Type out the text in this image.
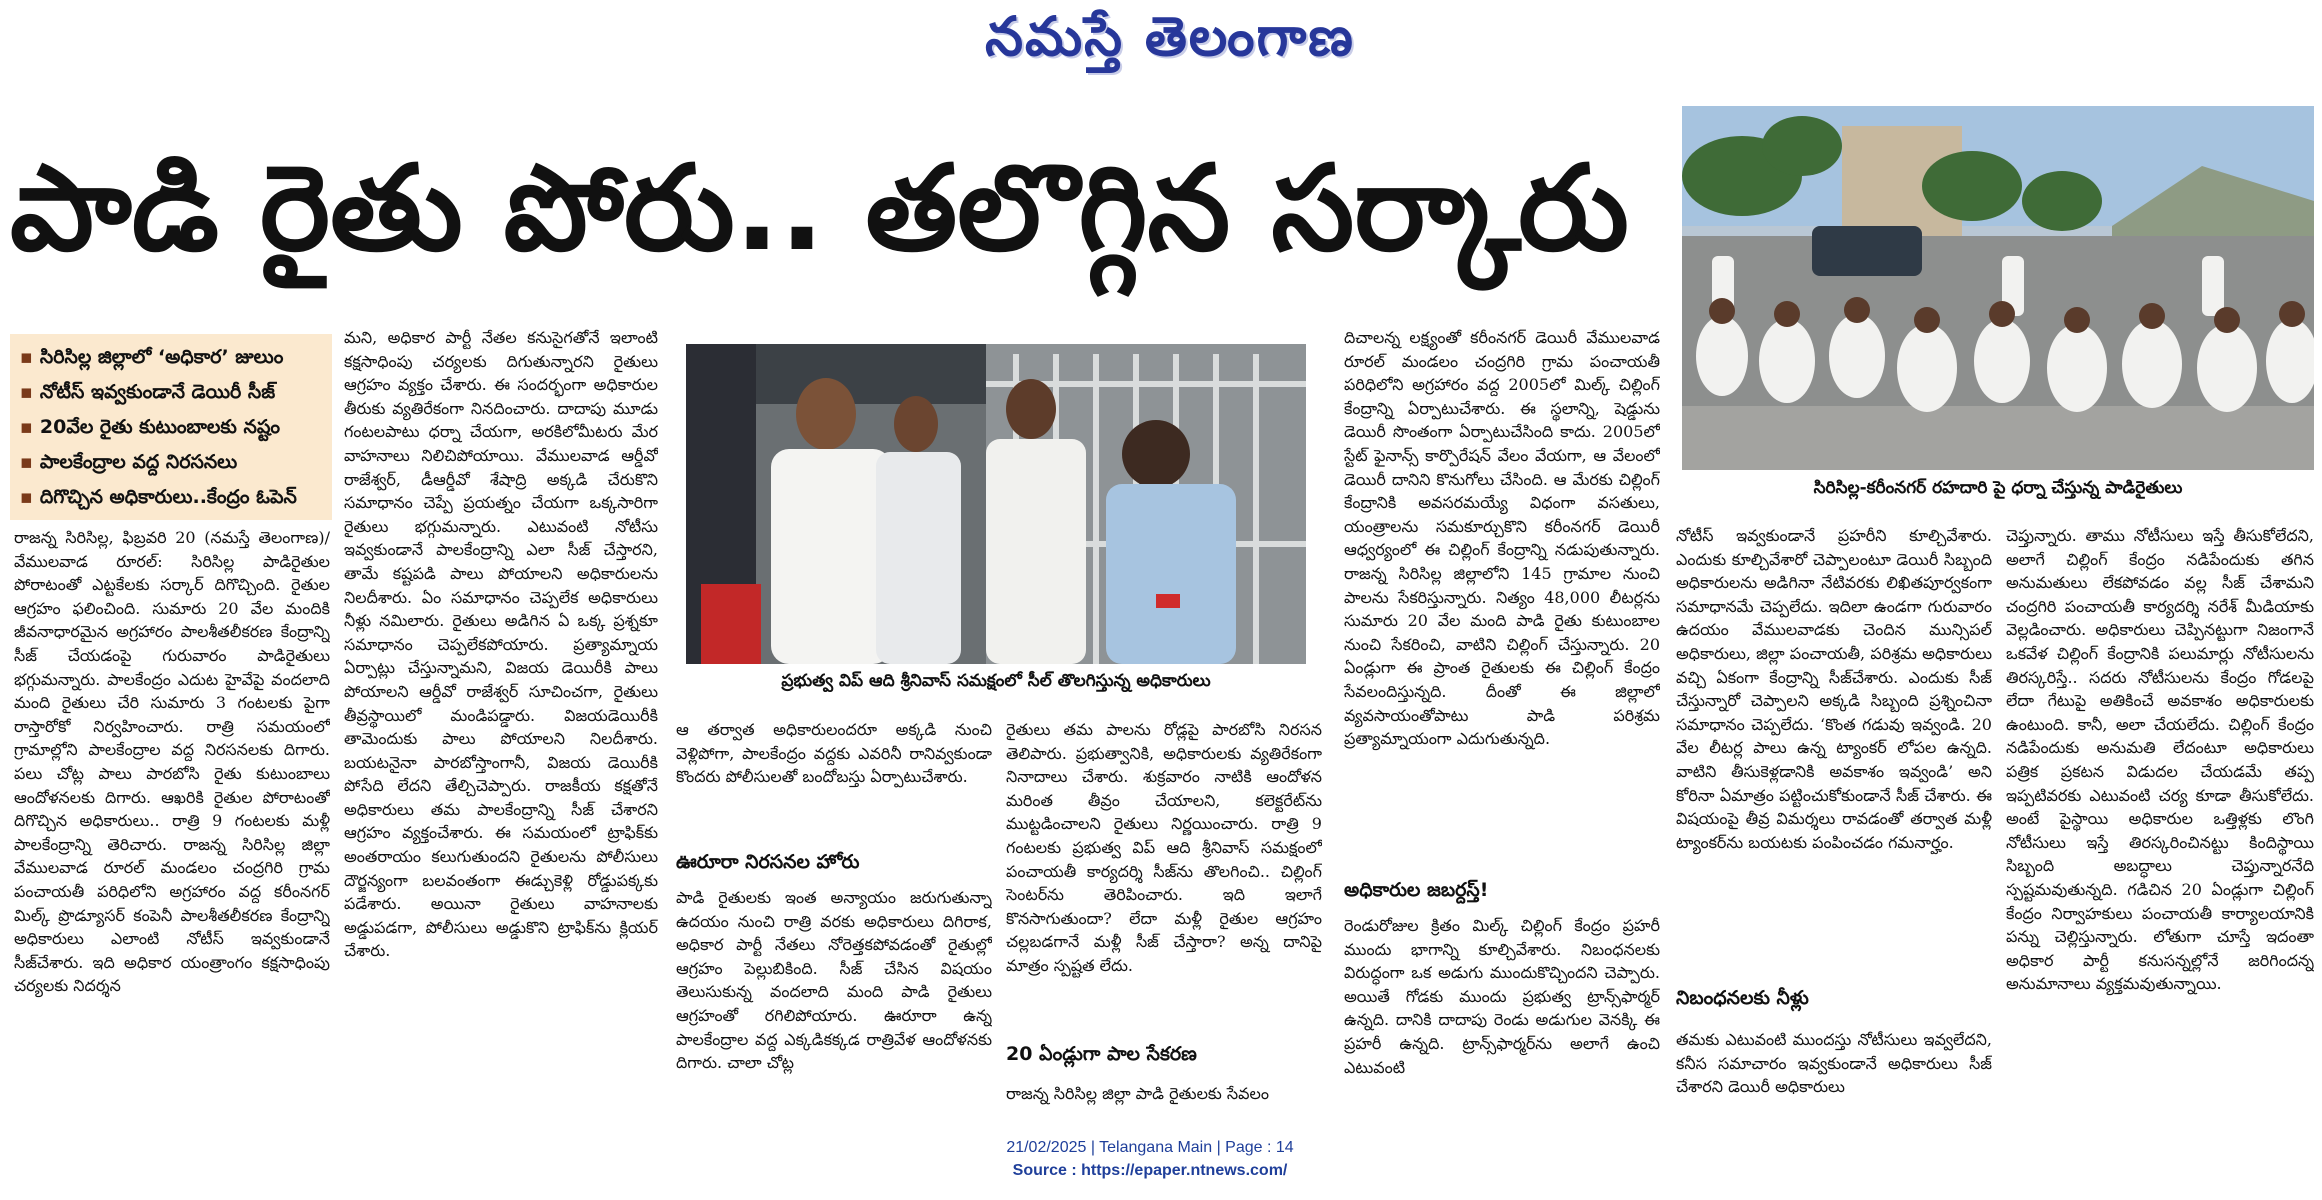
నమస్తే తెలంగాణ
పాడి రైతు పోరు.. తలొగ్గిన సర్కారు
▪ సిరిసిల్ల జిల్లాలో ‘అధికార’ జులుం
▪ నోటీస్ ఇవ్వకుండానే డెయిరీ సీజ్
▪ 20వేల రైతు కుటుంబాలకు నష్టం
▪ పాలకేంద్రాల వద్ద నిరసనలు
▪ దిగొచ్చిన అధికారులు..కేంద్రం ఓపెన్

రాజన్న సిరిసిల్ల, ఫిబ్రవరి 20 (నమస్తే తెలంగాణ)/వేములవాడ రూరల్: సిరిసిల్ల పాడిరైతుల పోరాటంతో ఎట్టకేలకు సర్కార్ దిగొచ్చింది. రైతుల ఆగ్రహం ఫలించింది. సుమారు 20 వేల మందికి జీవనాధారమైన అగ్రహారం పాలశీతలీకరణ కేంద్రాన్ని సీజ్ చేయడంపై గురువారం పాడిరైతులు భగ్గుమన్నారు. పాలకేంద్రం ఎదుట హైవేపై వందలాది మంది రైతులు చేరి సుమారు 3 గంటలకు పైగా రాస్తారోకో నిర్వహించారు. రాత్రి సమయంలో గ్రామాల్లోని పాలకేంద్రాల వద్ద నిరసనలకు దిగారు. పలు చోట్ల పాలు పారబోసి రైతు కుటుంబాలు ఆందోళనలకు దిగారు. ఆఖరికి రైతుల పోరాటంతో దిగొచ్చిన అధికారులు.. రాత్రి 9 గంటలకు మళ్లీ పాలకేంద్రాన్ని తెరిచారు. రాజన్న సిరిసిల్ల జిల్లా వేములవాడ రూరల్ మండలం చంద్రగిరి గ్రామ పంచాయతీ పరిధిలోని అగ్రహారం వద్ద కరీంనగర్ మిల్క్ ప్రొడ్యూసర్ కంపెనీ పాలశీతలీకరణ కేంద్రాన్ని అధికారులు ఎలాంటి నోటీస్ ఇవ్వకుండానే సీజ్‌చేశారు. ఇది అధికార యంత్రాంగం కక్షసాధింపు చర్యలకు నిదర్శన

మని, అధికార పార్టీ నేతల కనుసైగతోనే ఇలాంటి కక్షసాధింపు చర్యలకు దిగుతున్నారని రైతులు ఆగ్రహం వ్యక్తం చేశారు. ఈ సందర్భంగా అధికారుల తీరుకు వ్యతిరేకంగా నినదించారు. దాదాపు మూడు గంటలపాటు ధర్నా చేయగా, అరకిలోమీటరు మేర వాహనాలు నిలిచిపోయాయి. వేములవాడ ఆర్డీవో రాజేశ్వర్, డీఆర్డీవో శేషాద్రి అక్కడి చేరుకొని సమాధానం చెప్పే ప్రయత్నం చేయగా ఒక్కసారిగా రైతులు భగ్గుమన్నారు. ఎటువంటి నోటీసు ఇవ్వకుండానే పాలకేంద్రాన్ని ఎలా సీజ్ చేస్తారని, తామే కష్టపడి పాలు పోయాలని అధికారులను నిలదీశారు. ఏం సమాధానం చెప్పలేక అధికారులు నీళ్లు నమిలారు. రైతులు అడిగిన ఏ ఒక్క ప్రశ్నకూ సమాధానం చెప్పలేకపోయారు. ప్రత్యామ్నాయ ఏర్పాట్లు చేస్తున్నామని, విజయ డెయిరీకి పాలు పోయాలని ఆర్డీవో రాజేశ్వర్ సూచించగా, రైతులు తీవ్రస్థాయిలో మండిపడ్డారు. విజయడెయిరీకి తామెందుకు పాలు పోయాలని నిలదీశారు. బయటనైనా పారబోస్తాంగానీ, విజయ డెయిరీకి పోసేది లేదని తేల్చిచెప్పారు. రాజకీయ కక్షతోనే అధికారులు తమ పాలకేంద్రాన్ని సీజ్ చేశారని ఆగ్రహం వ్యక్తంచేశారు. ఈ సమయంలో ట్రాఫిక్‌కు అంతరాయం కలుగుతుందని రైతులను పోలీసులు దౌర్జన్యంగా బలవంతంగా ఈడ్చుకెళ్లి రోడ్డుపక్కకు పడేశారు. అయినా రైతులు వాహనాలకు అడ్డుపడగా, పోలీసులు అడ్డుకొని ట్రాఫిక్‌ను క్లియర్ చేశారు.

ప్రభుత్వ విప్ ఆది శ్రీనివాస్ సమక్షంలో సీల్ తొలగిస్తున్న అధికారులు
సిరిసిల్ల-కరీంనగర్ రహదారి పై ధర్నా చేస్తున్న పాడిరైతులు

ఆ తర్వాత అధికారులందరూ అక్కడి నుంచి వెళ్లిపోగా, పాలకేంద్రం వద్దకు ఎవరినీ రానివ్వకుండా కొందరు పోలీసులతో బందోబస్తు ఏర్పాటుచేశారు.

ఊరూరా నిరసనల హోరు

పాడి రైతులకు ఇంత అన్యాయం జరుగుతున్నా ఉదయం నుంచి రాత్రి వరకు అధికారులు దిగిరాక, అధికార పార్టీ నేతలు నోరెత్తకపోవడంతో రైతుల్లో ఆగ్రహం పెల్లుబికింది. సీజ్ చేసిన విషయం తెలుసుకున్న వందలాది మంది పాడి రైతులు ఆగ్రహంతో రగిలిపోయారు. ఊరూరా ఉన్న పాలకేంద్రాల వద్ద ఎక్కడికక్కడ రాత్రివేళ ఆందోళనకు దిగారు. చాలా చోట్ల

రైతులు తమ పాలను రోడ్లపై పారబోసి నిరసన తెలిపారు. ప్రభుత్వానికి, అధికారులకు వ్యతిరేకంగా నినాదాలు చేశారు. శుక్రవారం నాటికి ఆందోళన మరింత తీవ్రం చేయాలని, కలెక్టరేట్‌ను ముట్టడించాలని రైతులు నిర్ణయించారు. రాత్రి 9 గంటలకు ప్రభుత్వ విప్ ఆది శ్రీనివాస్ సమక్షంలో పంచాయతీ కార్యదర్శి సీజ్‌ను తొలగించి.. చిల్లింగ్ సెంటర్‌ను తెరిపించారు. ఇది ఇలాగే కొనసాగుతుందా? లేదా మళ్లీ రైతుల ఆగ్రహం చల్లబడగానే మళ్లీ సీజ్ చేస్తారా? అన్న దానిపై మాత్రం స్పష్టత లేదు.

20 ఏండ్లుగా పాల సేకరణ

రాజన్న సిరిసిల్ల జిల్లా పాడి రైతులకు సేవలం

దిచాలన్న లక్ష్యంతో కరీంనగర్ డెయిరీ వేములవాడ రూరల్ మండలం చంద్రగిరి గ్రామ పంచాయతీ పరిధిలోని అగ్రహారం వద్ద 2005లో మిల్క్ చిల్లింగ్ కేంద్రాన్ని ఏర్పాటుచేశారు. ఈ స్థలాన్ని, షెడ్డును డెయిరీ సొంతంగా ఏర్పాటుచేసింది కాదు. 2005లో స్టేట్ ఫైనాన్స్ కార్పొరేషన్ వేలం వేయగా, ఆ వేలంలో డెయిరీ దానిని కొనుగోలు చేసింది. ఆ మేరకు చిల్లింగ్ కేంద్రానికి అవసరమయ్యే విధంగా వసతులు, యంత్రాలను సమకూర్చుకొని కరీంనగర్ డెయిరీ ఆధ్వర్యంలో ఈ చిల్లింగ్ కేంద్రాన్ని నడుపుతున్నారు. రాజన్న సిరిసిల్ల జిల్లాలోని 145 గ్రామాల నుంచి పాలను సేకరిస్తున్నారు. నిత్యం 48,000 లీటర్లను సుమారు 20 వేల మంది పాడి రైతు కుటుంబాల నుంచి సేకరించి, వాటిని చిల్లింగ్ చేస్తున్నారు. 20 ఏండ్లుగా ఈ ప్రాంత రైతులకు ఈ చిల్లింగ్ కేంద్రం సేవలందిస్తున్నది. దీంతో ఈ జిల్లాలో వ్యవసాయంతోపాటు పాడి పరిశ్రమ ప్రత్యామ్నాయంగా ఎదుగుతున్నది.

అధికారుల జబర్దస్త్!

రెండురోజుల క్రితం మిల్క్ చిల్లింగ్ కేంద్రం ప్రహరీ ముందు భాగాన్ని కూల్చివేశారు. నిబంధనలకు విరుద్ధంగా ఒక అడుగు ముందుకొచ్చిందని చెప్పారు. అయితే గోడకు ముందు ప్రభుత్వ ట్రాన్స్‌ఫార్మర్ ఉన్నది. దానికి దాదాపు రెండు అడుగుల వెనక్కి ఈ ప్రహరీ ఉన్నది. ట్రాన్స్‌ఫార్మర్‌ను అలాగే ఉంచి ఎటువంటి

నోటీస్ ఇవ్వకుండానే ప్రహరీని కూల్చివేశారు. ఎందుకు కూల్చివేశారో చెప్పాలంటూ డెయిరీ సిబ్బంది అధికారులను అడిగినా నేటివరకు లిఖితపూర్వకంగా సమాధానమే చెప్పలేదు. ఇదిలా ఉండగా గురువారం ఉదయం వేములవాడకు చెందిన మున్సిపల్ అధికారులు, జిల్లా పంచాయతీ, పరిశ్రమ అధికారులు వచ్చి ఏకంగా కేంద్రాన్ని సీజ్‌చేశారు. ఎందుకు సీజ్ చేస్తున్నారో చెప్పాలని అక్కడి సిబ్బంది ప్రశ్నించినా సమాధానం చెప్పలేదు. ‘కొంత గడువు ఇవ్వండి. 20 వేల లీటర్ల పాలు ఉన్న ట్యాంకర్ లోపల ఉన్నది. వాటిని తీసుకెళ్లడానికి అవకాశం ఇవ్వండి’ అని కోరినా ఏమాత్రం పట్టించుకోకుండానే సీజ్ చేశారు. ఈ విషయంపై తీవ్ర విమర్శలు రావడంతో తర్వాత మళ్లీ ట్యాంకర్‌ను బయటకు పంపించడం గమనార్హం.

నిబంధనలకు నీళ్లు

తమకు ఎటువంటి ముందస్తు నోటీసులు ఇవ్వలేదని, కనీస సమాచారం ఇవ్వకుండానే అధికారులు సీజ్ చేశారని డెయిరీ అధికారులు

చెప్తున్నారు. తాము నోటీసులు ఇస్తే తీసుకోలేదని, అలాగే చిల్లింగ్ కేంద్రం నడిపేందుకు తగిన అనుమతులు లేకపోవడం వల్ల సీజ్ చేశామని చంద్రగిరి పంచాయతీ కార్యదర్శి నరేశ్ మీడియాకు వెల్లడించారు. అధికారులు చెప్పినట్టుగా నిజంగానే ఒకవేళ చిల్లింగ్ కేంద్రానికి పలుమార్లు నోటీసులను తిరస్కరిస్తే.. సదరు నోటీసులను కేంద్రం గోడలపై లేదా గేటుపై అతికించే అవకాశం అధికారులకు ఉంటుంది. కానీ, అలా చేయలేదు. చిల్లింగ్ కేంద్రం నడిపేందుకు అనుమతి లేదంటూ అధికారులు పత్రిక ప్రకటన విడుదల చేయడమే తప్ప ఇప్పటివరకు ఎటువంటి చర్య కూడా తీసుకోలేదు. అంటే పైస్థాయి అధికారుల ఒత్తిళ్లకు లొంగి నోటీసులు ఇస్తే తిరస్కరించినట్టు కిందిస్థాయి సిబ్బంది అబద్ధాలు చెప్తున్నారనేది స్పష్టమవుతున్నది. గడిచిన 20 ఏండ్లుగా చిల్లింగ్ కేంద్రం నిర్వాహకులు పంచాయతీ కార్యాలయానికి పన్ను చెల్లిస్తున్నారు. లోతుగా చూస్తే ఇదంతా అధికార పార్టీ కనుసన్నల్లోనే జరిగిందన్న అనుమానాలు వ్యక్తమవుతున్నాయి.

21/02/2025 | Telangana Main | Page : 14
Source : https://epaper.ntnews.com/
